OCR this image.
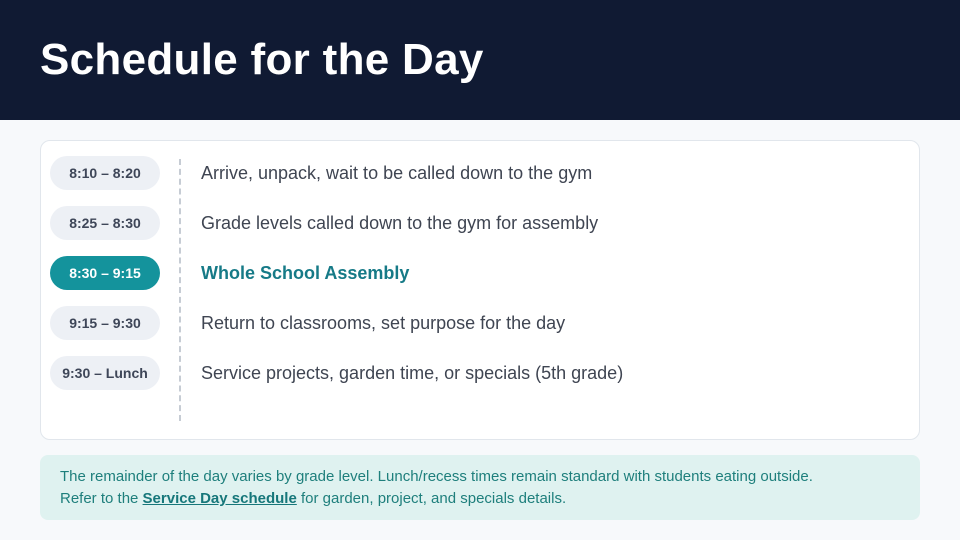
Schedule for the Day
8:10 – 8:20	Arrive, unpack, wait to be called down to the gym
8:25 – 8:30	Grade levels called down to the gym for assembly
8:30 – 9:15	Whole School Assembly
9:15 – 9:30	Return to classrooms, set purpose for the day
9:30 – Lunch	Service projects, garden time, or specials (5th grade)

The remainder of the day varies by grade level. Lunch/recess times remain standard with students eating outside.

Refer to the Service Day schedule for garden, project, and specials details.
